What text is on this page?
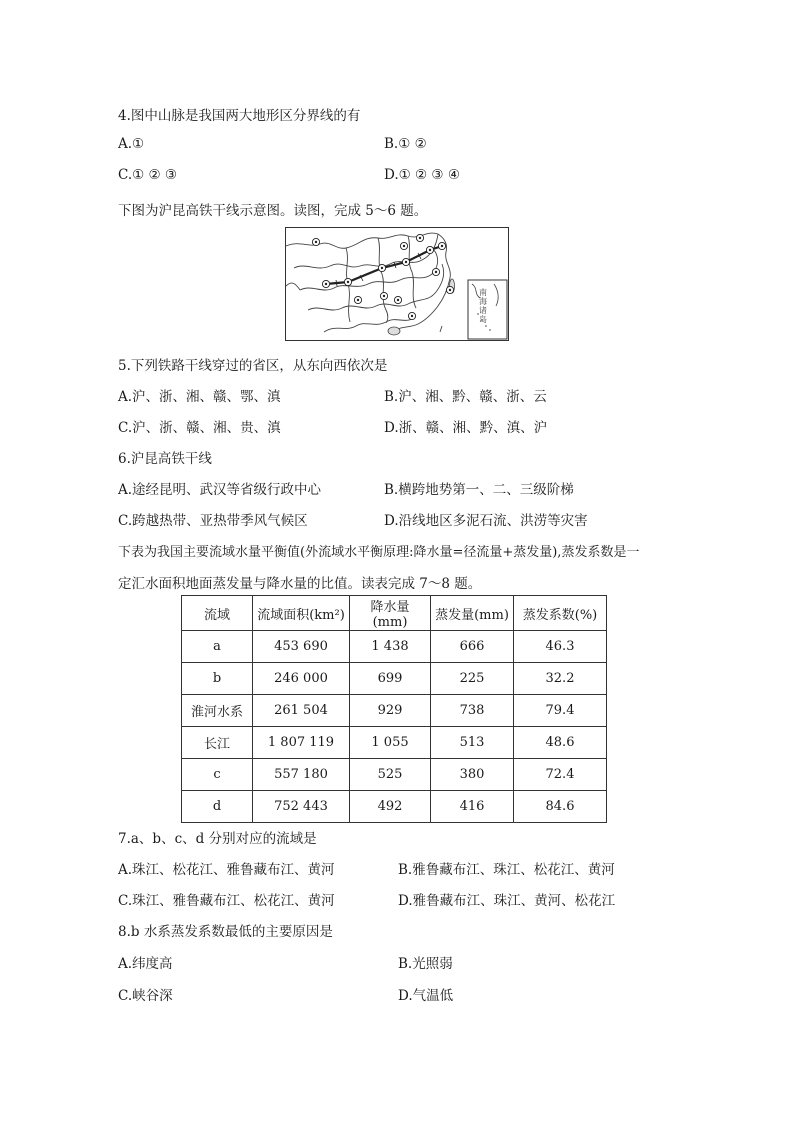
4.图中山脉是我国两大地形区分界线的有
A.①	B.① ②
C.① ② ③	D.① ② ③ ④
下图为沪昆高铁干线示意图。读图，完成 5～6 题。
南海诸岛
5.下列铁路干线穿过的省区，从东向西依次是
A.沪、浙、湘、赣、鄂、滇	B.沪、湘、黔、赣、浙、云
C.沪、浙、赣、湘、贵、滇	D.浙、赣、湘、黔、滇、沪
6.沪昆高铁干线
A.途经昆明、武汉等省级行政中心	B.横跨地势第一、二、三级阶梯
C.跨越热带、亚热带季风气候区	D.沿线地区多泥石流、洪涝等灾害
下表为我国主要流域水量平衡值(外流域水平衡原理:降水量=径流量+蒸发量),蒸发系数是一
定汇水面积地面蒸发量与降水量的比值。读表完成 7～8 题。
流域	流域面积(km²)	降水量(mm)	蒸发量(mm)	蒸发系数(%)
a	453 690	1 438	666	46.3
b	246 000	699	225	32.2
淮河水系	261 504	929	738	79.4
长江	1 807 119	1 055	513	48.6
c	557 180	525	380	72.4
d	752 443	492	416	84.6
7.a、b、c、d 分别对应的流域是
A.珠江、松花江、雅鲁藏布江、黄河	B.雅鲁藏布江、珠江、松花江、黄河
C.珠江、雅鲁藏布江、松花江、黄河	D.雅鲁藏布江、珠江、黄河、松花江
8.b 水系蒸发系数最低的主要原因是
A.纬度高	B.光照弱
C.峡谷深	D.气温低
